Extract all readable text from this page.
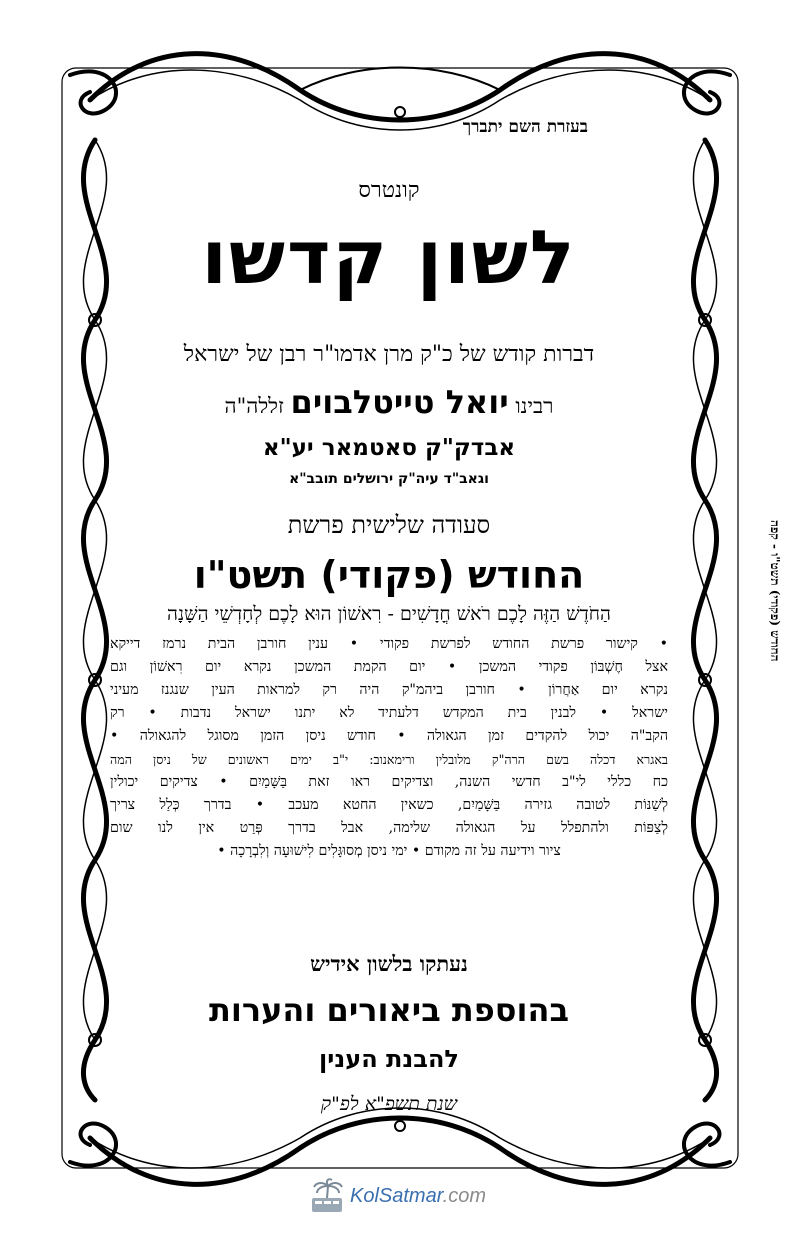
בעזרת השם יתברך
קונטרס
לשון קדשו
דברות קודש של כ"ק מרן אדמו"ר רבן של ישראל
רבינו יואל טייטלבוים זללה"ה
אבדק"ק סאטמאר יע"א
וגאב"ד עיה"ק ירושלים תובב"א
סעודה שלישית פרשת
החודש (פקודי) תשט"ו
הַחֹדֶשׁ הַזֶּה לָכֶם רֹאשׁ חֳדָשִׁים - רִאשׁוֹן הוּא לָכֶם לְחָדְשֵׁי הַשָּׁנָה
• קישור פרשת החודש לפרשת פקודי • ענין חורבן הבית נרמז דייקא
אצל חֶשְׁבּוֹן פקודי המשכן • יום הקמת המשכן נקרא יום רִאשׁוֹן וגם
נקרא יום אַחֲרוֹן • חורבן ביהמ"ק היה רק למראות העין שנגנז מעיני
ישראל • לבנין בית המקדש דלעתיד לא יתנו ישראל נדבות • רק
הקב"ה יכול להקדים זמן הגאולה • חודש ניסן הזמן מסוגל להגאולה •
באגרא דכלה בשם הרה"ק מלובלין ורימאנוב: י"ב ימים ראשונים של ניסן המה
כח כללי לי"ב חדשי השנה, וצדיקים ראו זאת בַּשָּׁמַיִם • צדיקים יכולין
לְשַׁנּוֹת לטובה גזירה בַּשָּׁמַיִם, כשאין החטא מעכב • בדרך כְּלַל צריך
לְצַפּוֹת ולהתפלל על הגאולה שלימה, אבל בדרך פְּרַט אין לנו שום
ציור וידיעה על זה מקודם • ימי ניסן מְסוּגָּלִים לִישׁוּעָה וְלִבְרָכָה •
נעתקו בלשון אידיש
בהוספת ביאורים והערות
להבנת הענין
שנת תשפ"א לפ"ק
החודש (פקודי) תשט"ו - קפה
KolSatmar.com
